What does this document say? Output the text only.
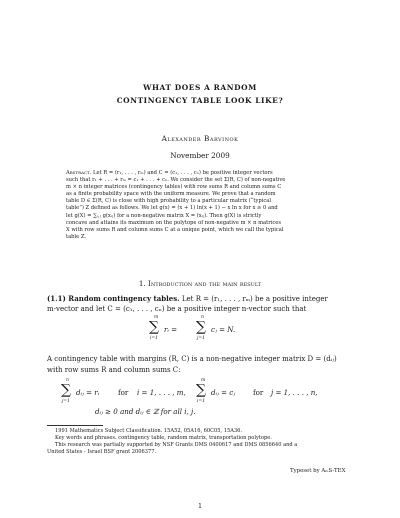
WHAT DOES A RANDOM
CONTINGENCY TABLE LOOK LIKE?
Alexander Barvinok
November 2009
Abstract. Let R = (r₁, . . . , rₘ) and C = (c₁, . . . , cₙ) be positive integer vectors
such that r₁ + . . . + rₘ = c₁ + . . . + cₙ. We consider the set Σ(R, C) of non-negative
m × n integer matrices (contingency tables) with row sums R and column sums C
as a finite probability space with the uniform measure. We prove that a random
table D ∈ Σ(R, C) is close with high probability to a particular matrix (“typical
table”) Z defined as follows. We let g(x) = (x + 1) ln(x + 1) − x ln x for x ≥ 0 and
let g(X) = ∑ᵢ,ⱼ g(xᵢⱼ) for a non-negative matrix X = (xᵢⱼ). Then g(X) is strictly
concave and attains its maximum on the polytope of non-negative m × n matrices
X with row sums R and column sums C at a unique point, which we call the typical
table Z.
1. Introduction and the main result
(1.1) Random contingency tables. Let R = (r₁, . . . , rₘ) be a positive integer
m-vector and let C = (c₁, . . . , cₙ) be a positive integer n-vector such that
m
∑
i=1
rᵢ =
n
∑
j=1
cⱼ = N.
A contingency table with margins (R, C) is a non-negative integer matrix D = (dᵢⱼ)
with row sums R and column sums C:
n
∑
j=1
dᵢⱼ = rᵢ	for i = 1, . . . , m,
m
∑
i=1
dᵢⱼ = cⱼ	for j = 1, . . . , n,
dᵢⱼ ≥ 0 and dᵢⱼ ∈ ℤ for all i, j.
1991 Mathematics Subject Classification. 15A52, 05A16, 60C05, 15A36.
Key words and phrases. contingency table, random matrix, transportation polytope.
This research was partially supported by NSF Grants DMS 0400617 and DMS 0856640 and a
United States - Israel BSF grant 2006377.
Typeset by AₘS-TEX
1
